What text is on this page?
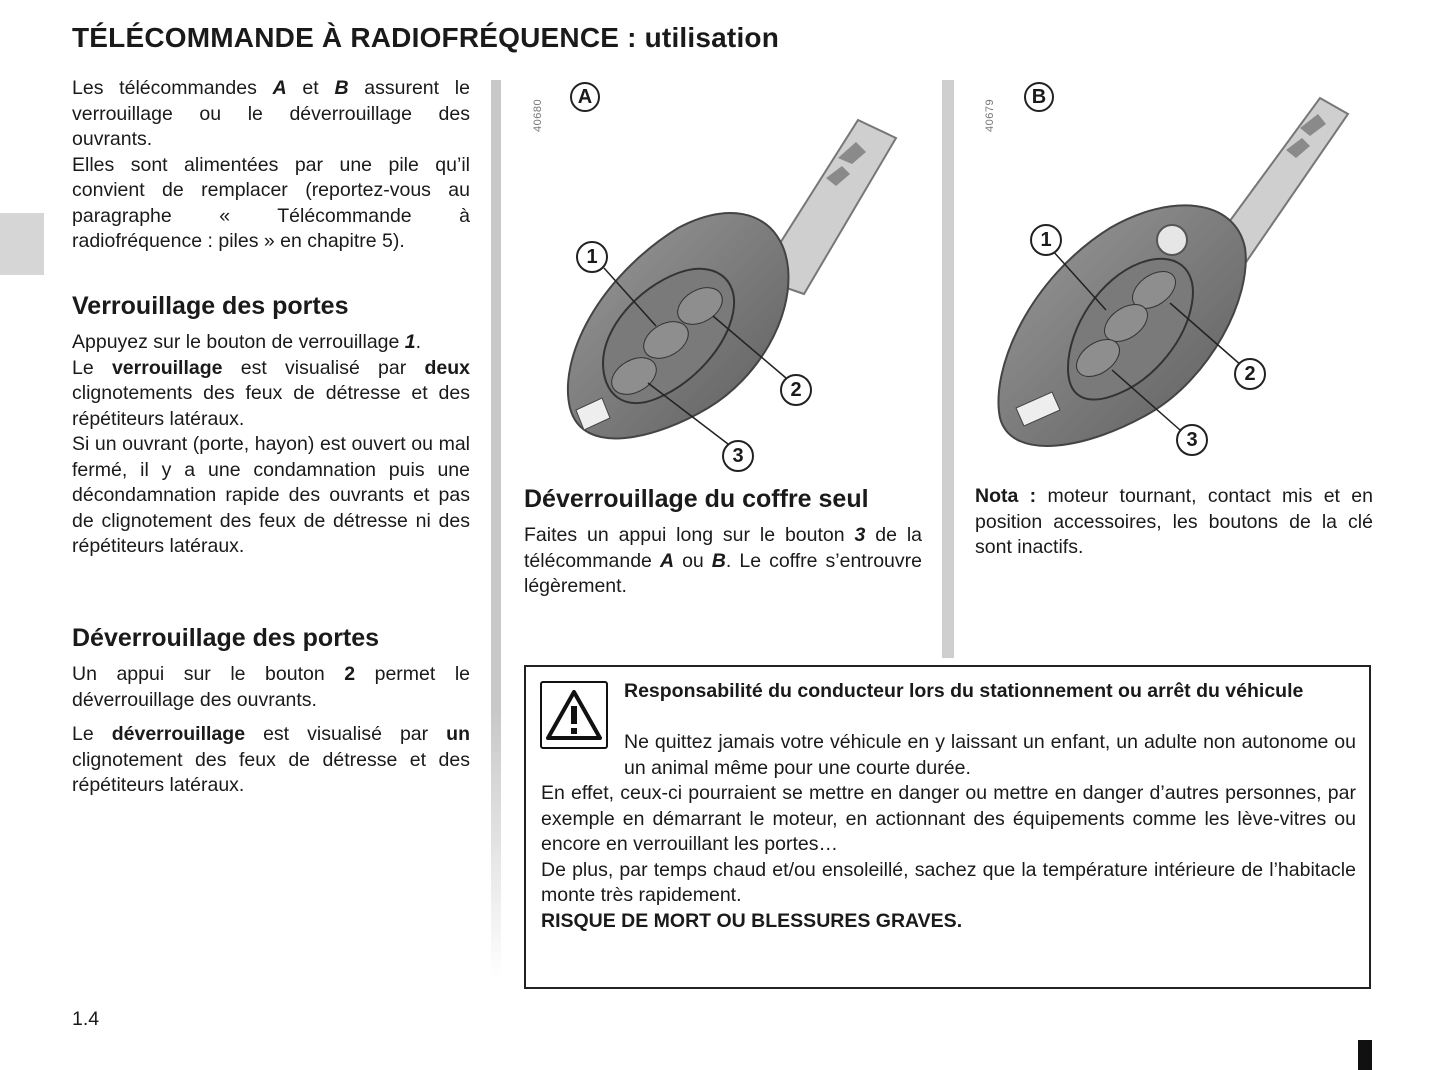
TÉLÉCOMMANDE À RADIOFRÉQUENCE : utilisation

Les télécommandes A et B assurent le verrouillage ou le déverrouillage des ouvrants.

Elles sont alimentées par une pile qu’il convient de remplacer (reportez-vous au paragraphe « Télécommande à radiofréquence : piles » en chapitre 5).

Verrouillage des portes

Appuyez sur le bouton de verrouillage 1.

Le verrouillage est visualisé par deux clignotements des feux de détresse et des répétiteurs latéraux.

Si un ouvrant (porte, hayon) est ouvert ou mal fermé, il y a une condamnation puis une décondamnation rapide des ouvrants et pas de clignotement des feux de détresse ni des répétiteurs latéraux.

Déverrouillage des portes

Un appui sur le bouton 2 permet le déverrouillage des ouvrants.

Le déverrouillage est visualisé par un clignotement des feux de détresse et des répétiteurs latéraux.

40680
A
1
2
3
40679
B
1
2
3
Déverrouillage du coffre seul

Faites un appui long sur le bouton 3 de la télécommande A ou B. Le coffre s’entrouvre légèrement.

Nota : moteur tournant, contact mis et en position accessoires, les boutons de la clé sont inactifs.

Responsabilité du conducteur lors du stationnement ou arrêt du véhicule
Ne quittez jamais votre véhicule en y laissant un enfant, un adulte non autonome ou un animal même pour une courte durée.

En effet, ceux-ci pourraient se mettre en danger ou mettre en danger d’autres personnes, par exemple en démarrant le moteur, en actionnant des équipements comme les lève-vitres ou encore en verrouillant les portes…

De plus, par temps chaud et/ou ensoleillé, sachez que la température intérieure de l’habitacle monte très rapidement.

RISQUE DE MORT OU BLESSURES GRAVES.

1.4
